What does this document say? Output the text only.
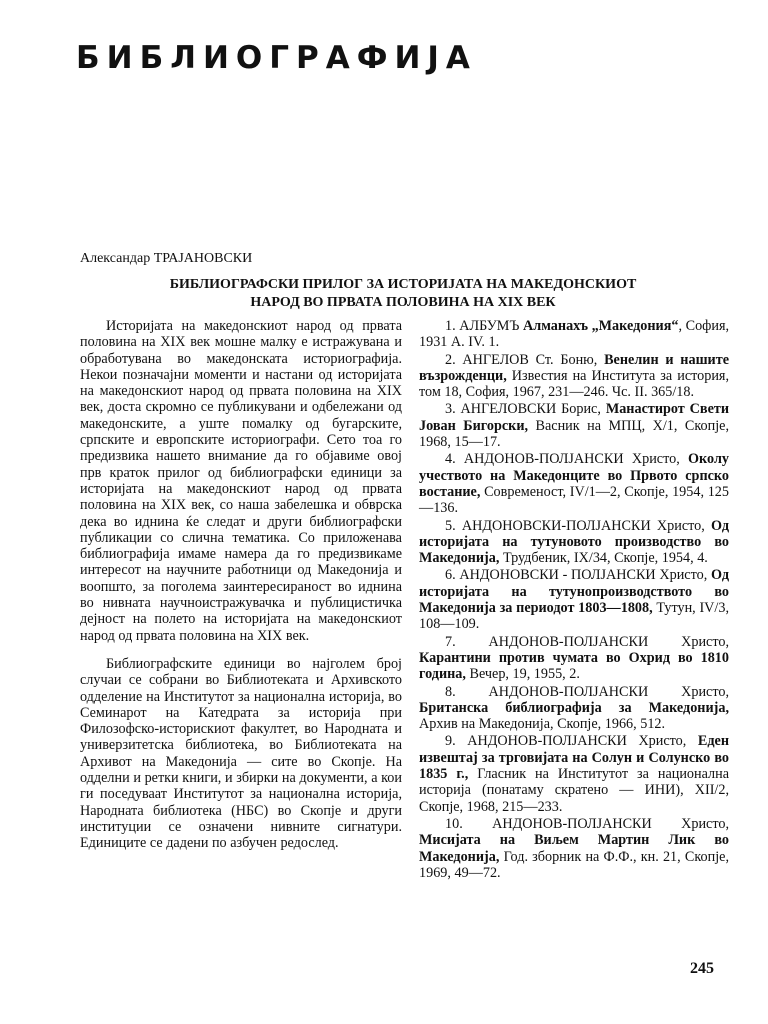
БИБЛИОГРАФИЈА

Александар ТРАЈАНОВСКИ

БИБЛИОГРАФСКИ ПРИЛОГ ЗА ИСТОРИЈАТА НА МАКЕДОНСКИОТ
НАРОД ВО ПРВАТА ПОЛОВИНА НА XIX ВЕК

Историјата на македонскиот народ од првата половина на XIX век мошне малку е истражувана и обработувана во македонската историографија. Некои позначајни моменти и настани од историјата на македонскиот народ од првата половина на XIX век, доста скромно се публикувани и одбележани од македонските, а уште помалку од бугарските, српските и европските историографи. Сето тоа го предизвика нашето внимание да го објавиме овој прв краток прилог од библиографски единици за историјата на македонскиот народ од првата половина на XIX век, со наша забелешка и обврска дека во иднина ќе следат и други библиографски публикации со слична тематика. Со приложенава библиографија имаме намера да го предизвикаме интересот на научните работници од Македонија и воопшто, за поголема заинтересираност во иднина во нивната научноистражувачка и публицистичка дејност на полето на историјата на македонскиот народ од првата половина на XIX век.

Библиографските единици во најголем број случаи се собрани во Библиотеката и Архивското одделение на Институтот за национална историја, во Семинарот на Катедрата за историја при Филозофско-историскиот факултет, во Народната и универзитетска библиотека, во Библиотеката на Архивот на Македонија — сите во Скопје. На одделни и ретки книги, и збирки на документи, а кои ги поседуваат Институтот за национална историја, Народната библиотека (НБС) во Скопје и други институции се означени нивните сигнатури. Единиците се дадени по азбучен редослед.

1. АЛБУМЪ Алманахъ „Македония“, София, 1931 А. IV. 1.

2. АНГЕЛОВ Ст. Боню, Венелин и нашите възрожденци, Известия на Института за история, том 18, София, 1967, 231—246. Чс. II. 365/18.

3. АНГЕЛОВСКИ Борис, Манастирот Свети Јован Бигорски, Васник на МПЦ, X/1, Скопје, 1968, 15—17.

4. АНДОНОВ-ПОЛЈАНСКИ Христо, Околу учеството на Македонците во Првото српско востание, Современост, IV/1—2, Скопје, 1954, 125—136.

5. АНДОНОВСКИ-ПОЛЈАНСКИ Христо, Од историјата на тутуновото производство во Македонија, Трудбеник, IX/34, Скопје, 1954, 4.

6. АНДОНОВСКИ - ПОЛЈАНСКИ Христо, Од историјата на тутунопроизводството во Македонија за периодот 1803—1808, Тутун, IV/3, 108—109.

7. АНДОНОВ-ПОЛЈАНСКИ Христо, Карантини против чумата во Охрид во 1810 година, Вечер, 19, 1955, 2.

8. АНДОНОВ-ПОЛЈАНСКИ Христо, Британска библиографија за Македонија, Архив на Македонија, Скопје, 1966, 512.

9. АНДОНОВ-ПОЛЈАНСКИ Христо, Еден извештај за трговијата на Солун и Солунско во 1835 г., Гласник на Институтот за национална историја (понатаму скратено — ИНИ), XII/2, Скопје, 1968, 215—233.

10. АНДОНОВ-ПОЛЈАНСКИ Христо, Мисијата на Виљем Мартин Лик во Македонија, Год. зборник на Ф.Ф., кн. 21, Скопје, 1969, 49—72.

245
